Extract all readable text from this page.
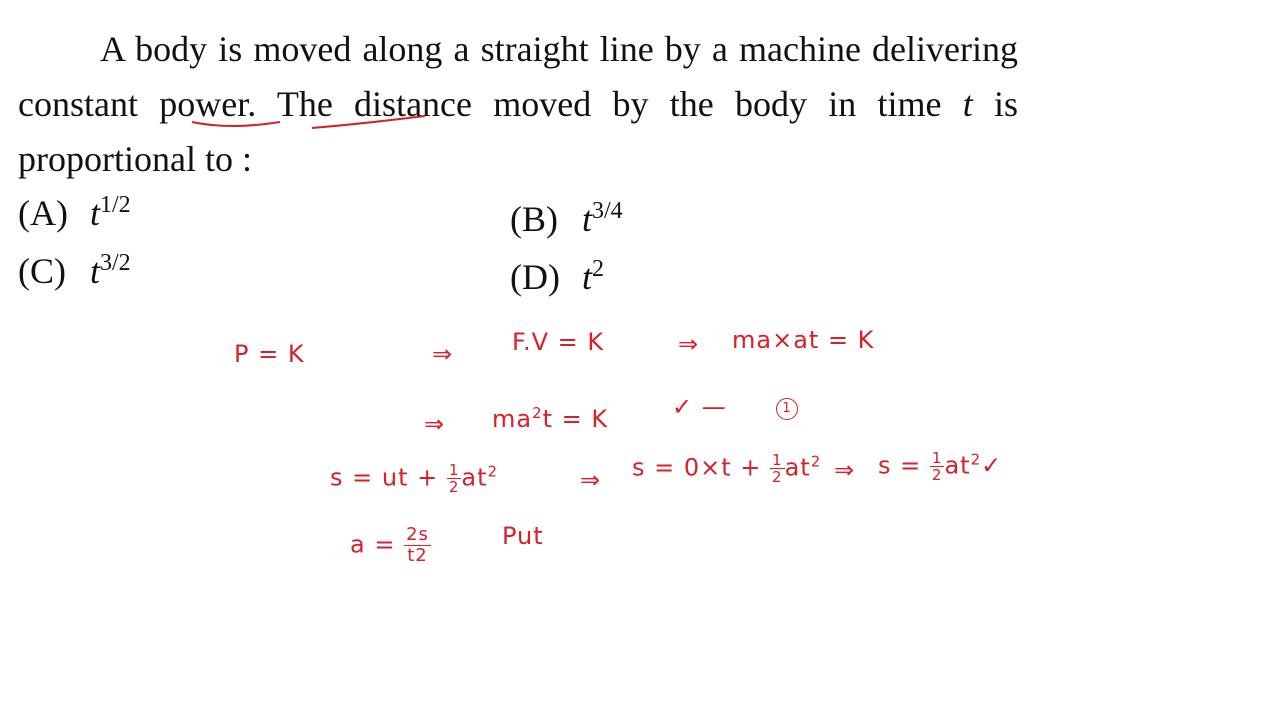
A body is moved along a straight line by a machine delivering constant power. The distance moved by the body in time t is proportional to :

(A) $t^{1/2}$	(B) $t^{3/4}$
(C) $t^{3/2}$	(D) $t^2$
P = K	⇒ F.V = K	⇒ ma×at = K
⇒ $ma^2t = K$	✓ —	1
s = ut + $\frac{1}{2} at^2$	⇒ $s = 0\times t + \frac{1}{2} at^2$ ⇒ $s = \frac{1}{2}$ $at^2✓$
$a = \frac{2s}{t2}$	Put
